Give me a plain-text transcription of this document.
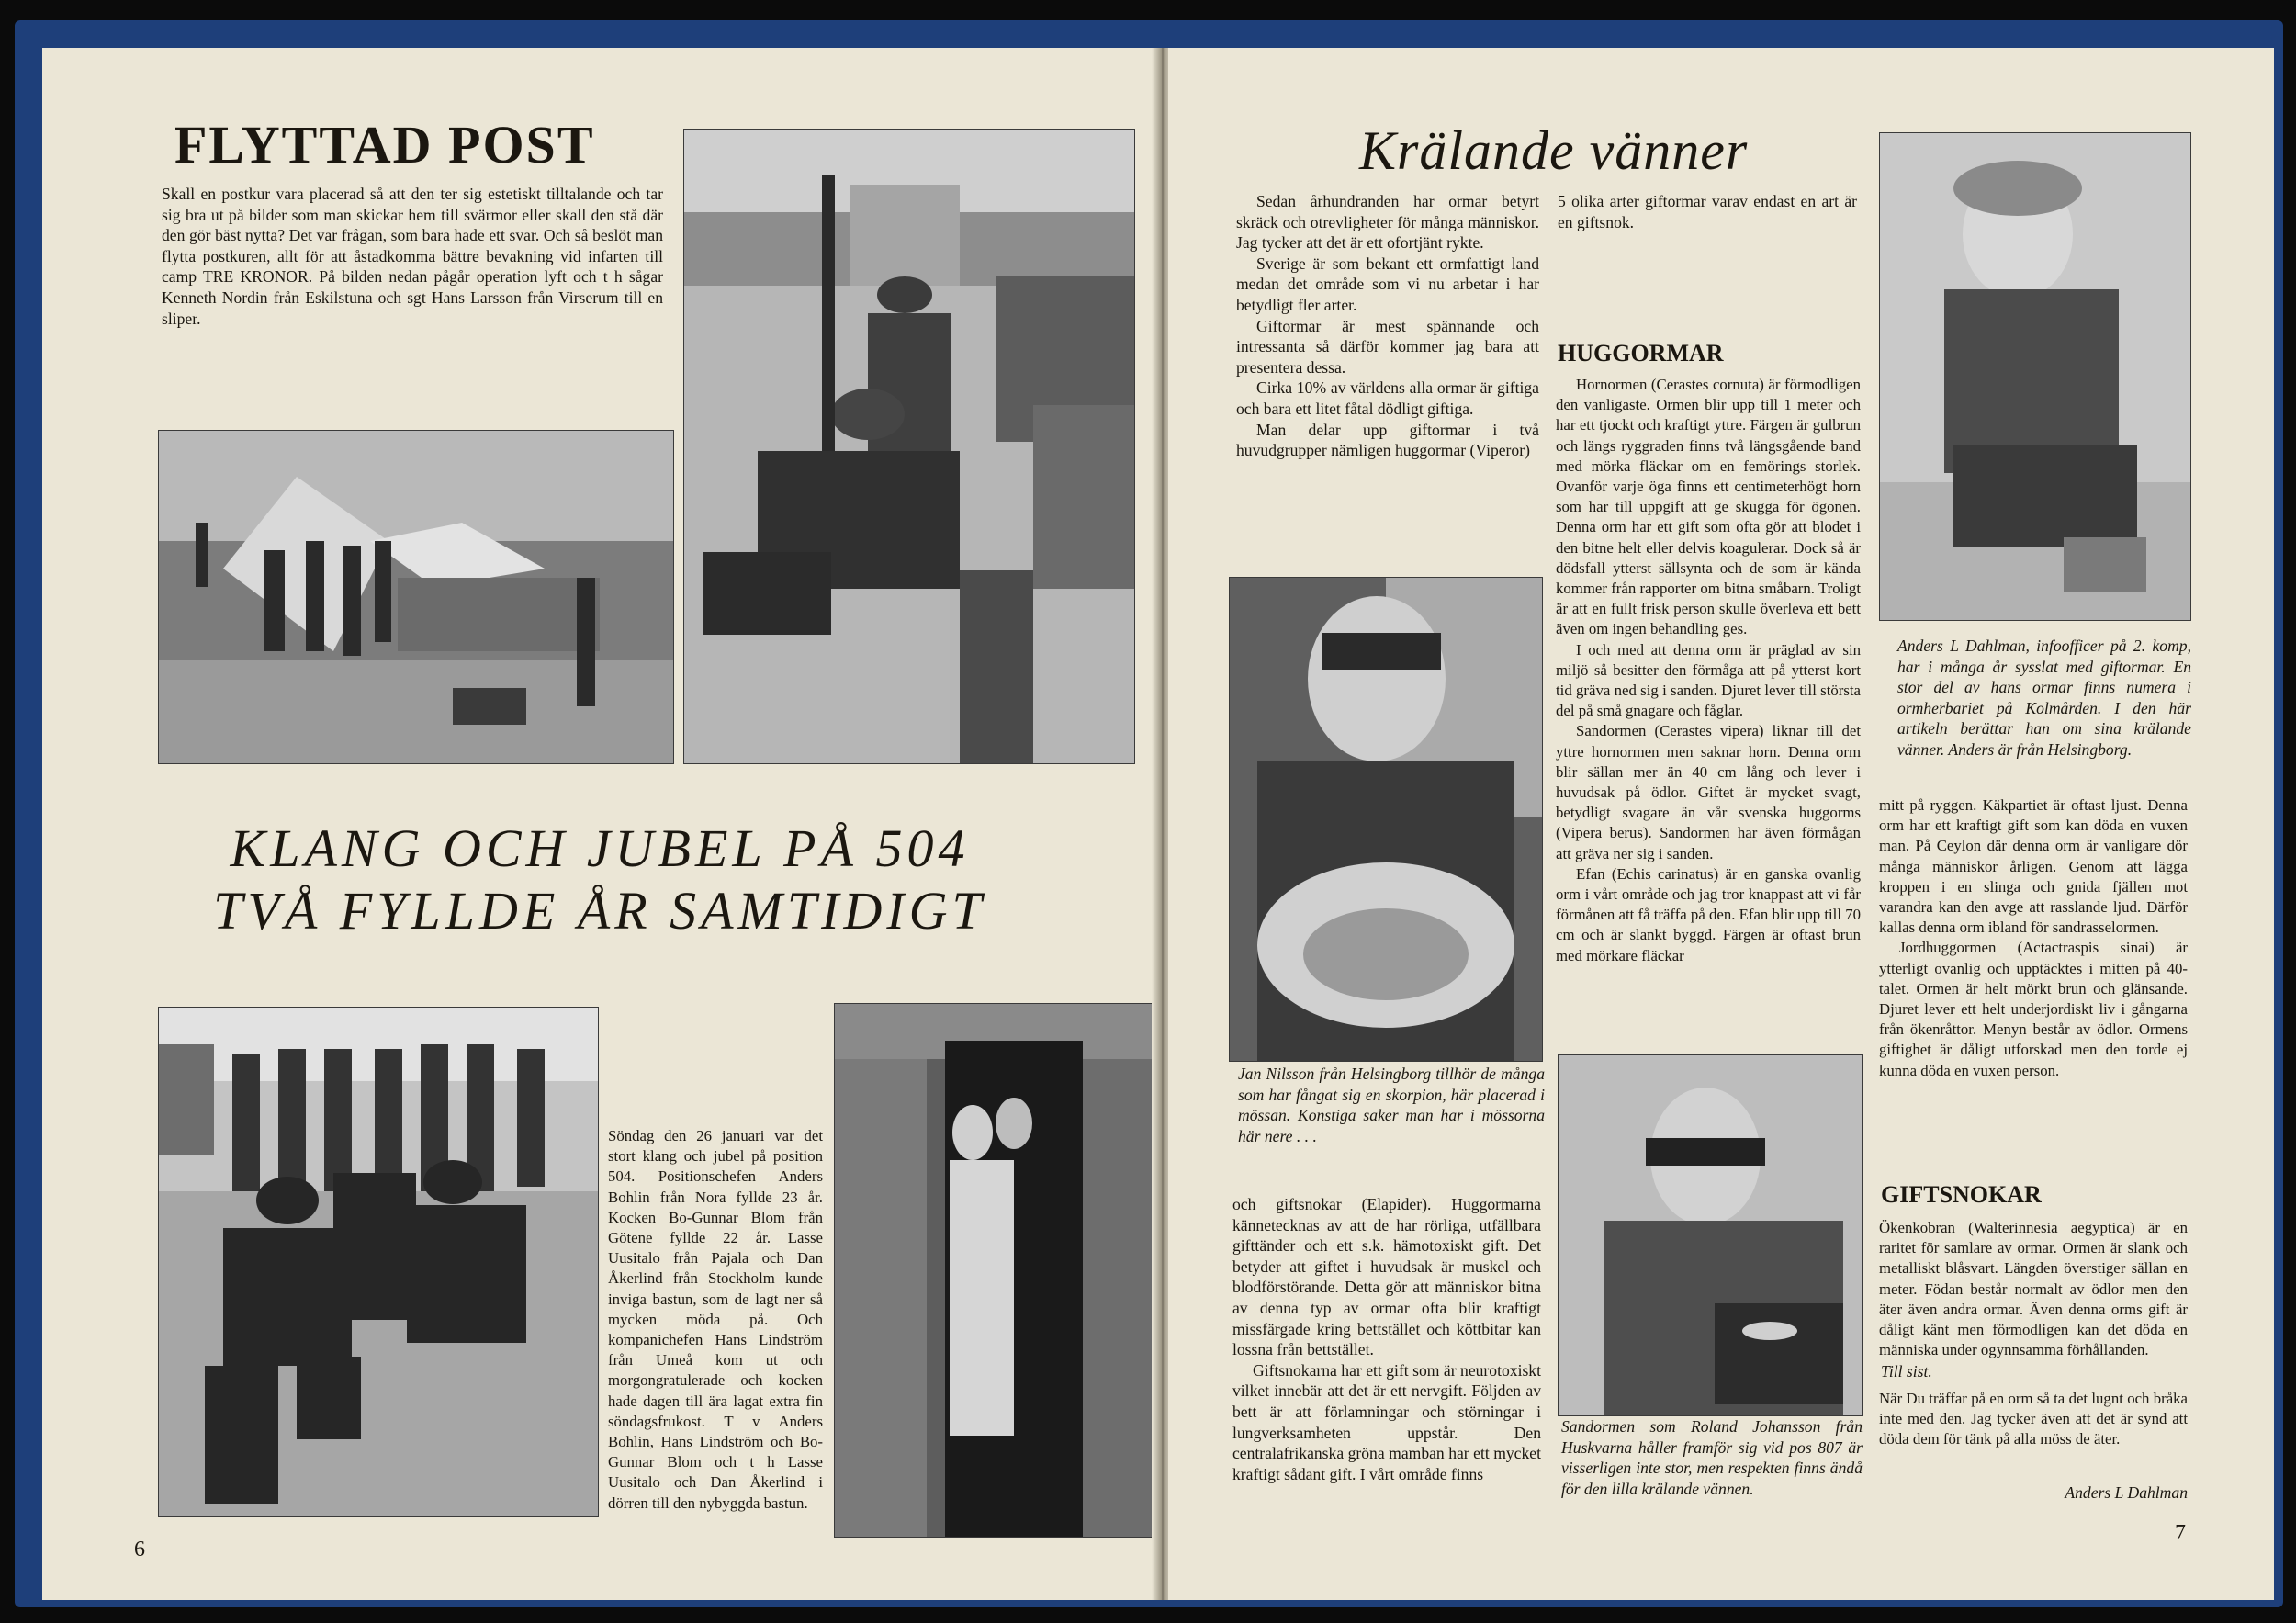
FLYTTAD POST

Skall en postkur vara placerad så att den ter sig estetiskt tilltalande och tar sig bra ut på bilder som man skickar hem till svärmor eller skall den stå där den gör bäst nytta? Det var frågan, som bara hade ett svar. Och så beslöt man flytta postkuren, allt för att åstadkomma bättre bevakning vid infarten till camp TRE KRONOR. På bilden nedan pågår operation lyft och t h sågar Kenneth Nordin från Eskilstuna och sgt Hans Larsson från Virserum till en sliper.

KLANG OCH JUBEL PÅ 504
TVÅ FYLLDE ÅR SAMTIDIGT

Söndag den 26 januari var det stort klang och jubel på position 504. Positionschefen Anders Bohlin från Nora fyllde 23 år. Kocken Bo-Gunnar Blom från Götene fyllde 22 år. Lasse Uusitalo från Pajala och Dan Åkerlind från Stockholm kunde inviga bastun, som de lagt ner så mycken möda på. Och kompanichefen Hans Lindström från Umeå kom ut och morgongratulerade och kocken hade dagen till ära lagat extra fin söndagsfrukost. T v Anders Bohlin, Hans Lindström och Bo-Gunnar Blom och t h Lasse Uusitalo och Dan Åkerlind i dörren till den nybyggda bastun.

6
Krälande vänner

Sedan århundranden har ormar betyrt skräck och otrevligheter för många människor. Jag tycker att det är ett ofortjänt rykte.

Sverige är som bekant ett ormfattigt land medan det område som vi nu arbetar i har betydligt fler arter.

Giftormar är mest spännande och intressanta så därför kommer jag bara att presentera dessa.

Cirka 10% av världens alla ormar är giftiga och bara ett litet fåtal dödligt giftiga.

Man delar upp giftormar i två huvudgrupper nämligen huggormar (Viperor)

Jan Nilsson från Helsingborg tillhör de många som har fångat sig en skorpion, här placerad i mössan. Konstiga saker man har i mössorna här nere . . .

och giftsnokar (Elapider). Huggormarna kännetecknas av att de har rörliga, utfällbara gifttänder och ett s.k. hämotoxiskt gift. Det betyder att giftet i huvudsak är muskel och blodförstörande. Detta gör att människor bitna av denna typ av ormar ofta blir kraftigt missfärgade kring bettstället och köttbitar kan lossna från bettstället.

Giftsnokarna har ett gift som är neurotoxiskt vilket innebär att det är ett nervgift. Följden av bett är att förlamningar och störningar i lungverksamheten uppstår. Den centralafrikanska gröna mamban har ett mycket kraftigt sådant gift. I vårt område finns

5 olika arter giftormar varav endast en art är en giftsnok.

HUGGORMAR

Hornormen (Cerastes cornuta) är förmodligen den vanligaste. Ormen blir upp till 1 meter och har ett tjockt och kraftigt yttre. Färgen är gulbrun och längs ryggraden finns två längsgående band med mörka fläckar om en femörings storlek. Ovanför varje öga finns ett centimeterhögt horn som har till uppgift att ge skugga för ögonen. Denna orm har ett gift som ofta gör att blodet i den bitne helt eller delvis koagulerar. Dock så är dödsfall ytterst sällsynta och de som är kända kommer från rapporter om bitna småbarn. Troligt är att en fullt frisk person skulle överleva ett bett även om ingen behandling ges.

I och med att denna orm är präglad av sin miljö så besitter den förmåga att på ytterst kort tid gräva ned sig i sanden. Djuret lever till största del på små gnagare och fåglar.

Sandormen (Cerastes vipera) liknar till det yttre hornormen men saknar horn. Denna orm blir sällan mer än 40 cm lång och lever i huvudsak på ödlor. Giftet är mycket svagt, betydligt svagare än vår svenska huggorms (Vipera berus). Sandormen har även förmågan att gräva ner sig i sanden.

Efan (Echis carinatus) är en ganska ovanlig orm i vårt område och jag tror knappast att vi får förmånen att få träffa på den. Efan blir upp till 70 cm och är slankt byggd. Färgen är oftast brun med mörkare fläckar

Sandormen som Roland Johansson från Huskvarna håller framför sig vid pos 807 är visserligen inte stor, men respekten finns ändå för den lilla krälande vännen.

Anders L Dahlman, infoofficer på 2. komp, har i många år sysslat med giftormar. En stor del av hans ormar finns numera i ormherbariet på Kolmården. I den här artikeln berättar han om sina krälande vänner. Anders är från Helsingborg.

mitt på ryggen. Käkpartiet är oftast ljust. Denna orm har ett kraftigt gift som kan döda en vuxen man. På Ceylon där denna orm är vanligare dör många människor årligen. Genom att lägga kroppen i en slinga och gnida fjällen mot varandra kan den avge att rasslande ljud. Därför kallas denna orm ibland för sandrasselormen.

Jordhuggormen (Actactraspis sinai) är ytterligt ovanlig och upptäcktes i mitten på 40-talet. Ormen är helt mörkt brun och glänsande. Djuret lever ett helt underjordiskt liv i gångarna från ökenråttor. Menyn består av ödlor. Ormens giftighet är dåligt utforskad men den torde ej kunna döda en vuxen person.

GIFTSNOKAR

Ökenkobran (Walterinnesia aegyptica) är en raritet för samlare av ormar. Ormen är slank och metalliskt blåsvart. Längden överstiger sällan en meter. Födan består normalt av ödlor men den äter även andra ormar. Även denna orms gift är dåligt känt men förmodligen kan det döda en människa under ogynnsamma förhållanden.

Till sist.

När Du träffar på en orm så ta det lugnt och bråka inte med den. Jag tycker även att det är synd att döda dem för tänk på alla möss de äter.

Anders L Dahlman

7
